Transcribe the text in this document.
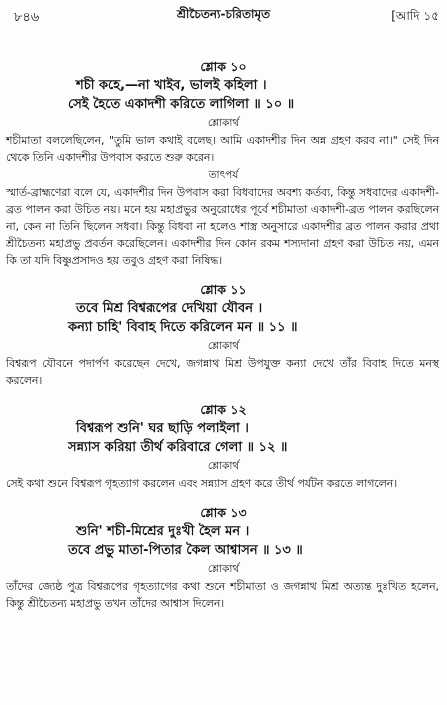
৮৪৬	শ্রীচৈতন্য-চরিতামৃত	[আদি ১৫
শ্লোক ১০
শচী কহে,—না খাইব, ভালই কহিলা ।
সেই হৈতে একাদশী করিতে লাগিলা ॥ ১০ ॥
শ্লোকার্থ
শচীমাতা বললেছিলেন, "তুমি ভাল কথাই বলেছ। আমি একাদশীর দিন অন্ন গ্রহণ করব না।" সেই দিন থেকে তিনি একাদশীর উপবাস করতে শুরু করেন।
তাৎপর্য
স্মার্ত-ব্রাহ্মণেরা বলে যে, একাদশীর দিন উপবাস করা বিধবাদের অবশ্য কর্তব্য, কিন্তু সধবাদের একাদশী-ব্রত পালন করা উচিত নয়। মনে হয় মহাপ্রভুর অনুরোধের পূর্বে শচীমাতা একাদশী-ব্রত পালন করছিলেন না, কেন না তিনি ছিলেন সধবা। কিন্তু বিধবা না হলেও শাস্ত্র অনুসারে একাদশীর ব্রত পালন করার প্রথা শ্রীচৈতন্য মহাপ্রভু প্রবর্তন করেছিলেন। একাদশীর দিন কোন রকম শস্যদানা গ্রহণ করা উচিত নয়, এমন কি তা যদি বিষ্ণুপ্রসাদও হয় তবুও গ্রহণ করা নিষিদ্ধ।
শ্লোক ১১
তবে মিশ্র বিশ্বরূপের দেখিয়া যৌবন ।
কন্যা চাহি' বিবাহ দিতে করিলেন মন ॥ ১১ ॥
শ্লোকার্থ
বিশ্বরূপ যৌবনে পদার্পণ করেছেন দেখে, জগন্নাথ মিশ্র উপযুক্ত কন্যা দেখে তাঁর বিবাহ দিতে মনস্থ করলেন।
শ্লোক ১২
বিশ্বরূপ শুনি' ঘর ছাড়ি পলাইলা ।
সন্ন্যাস করিয়া তীর্থ করিবারে গেলা ॥ ১২ ॥
শ্লোকার্থ
সেই কথা শুনে বিশ্বরূপ গৃহত্যাগ করলেন এবং সন্ন্যাস গ্রহণ করে তীর্থ পর্যটন করতে লাগলেন।
শ্লোক ১৩
শুনি' শচী-মিশ্রের দুঃখী হৈল মন ।
তবে প্রভু মাতা-পিতার কৈল আশ্বাসন ॥ ১৩ ॥
শ্লোকার্থ
তাঁদের জ্যেষ্ঠ পুত্র বিশ্বরূপের গৃহত্যাগের কথা শুনে শচীমাতা ও জগন্নাথ মিশ্র অত্যন্ত দুঃখিত হলেন, কিন্তু শ্রীচৈতন্য মহাপ্রভু তখন তাঁদের আশ্বাস দিলেন।
